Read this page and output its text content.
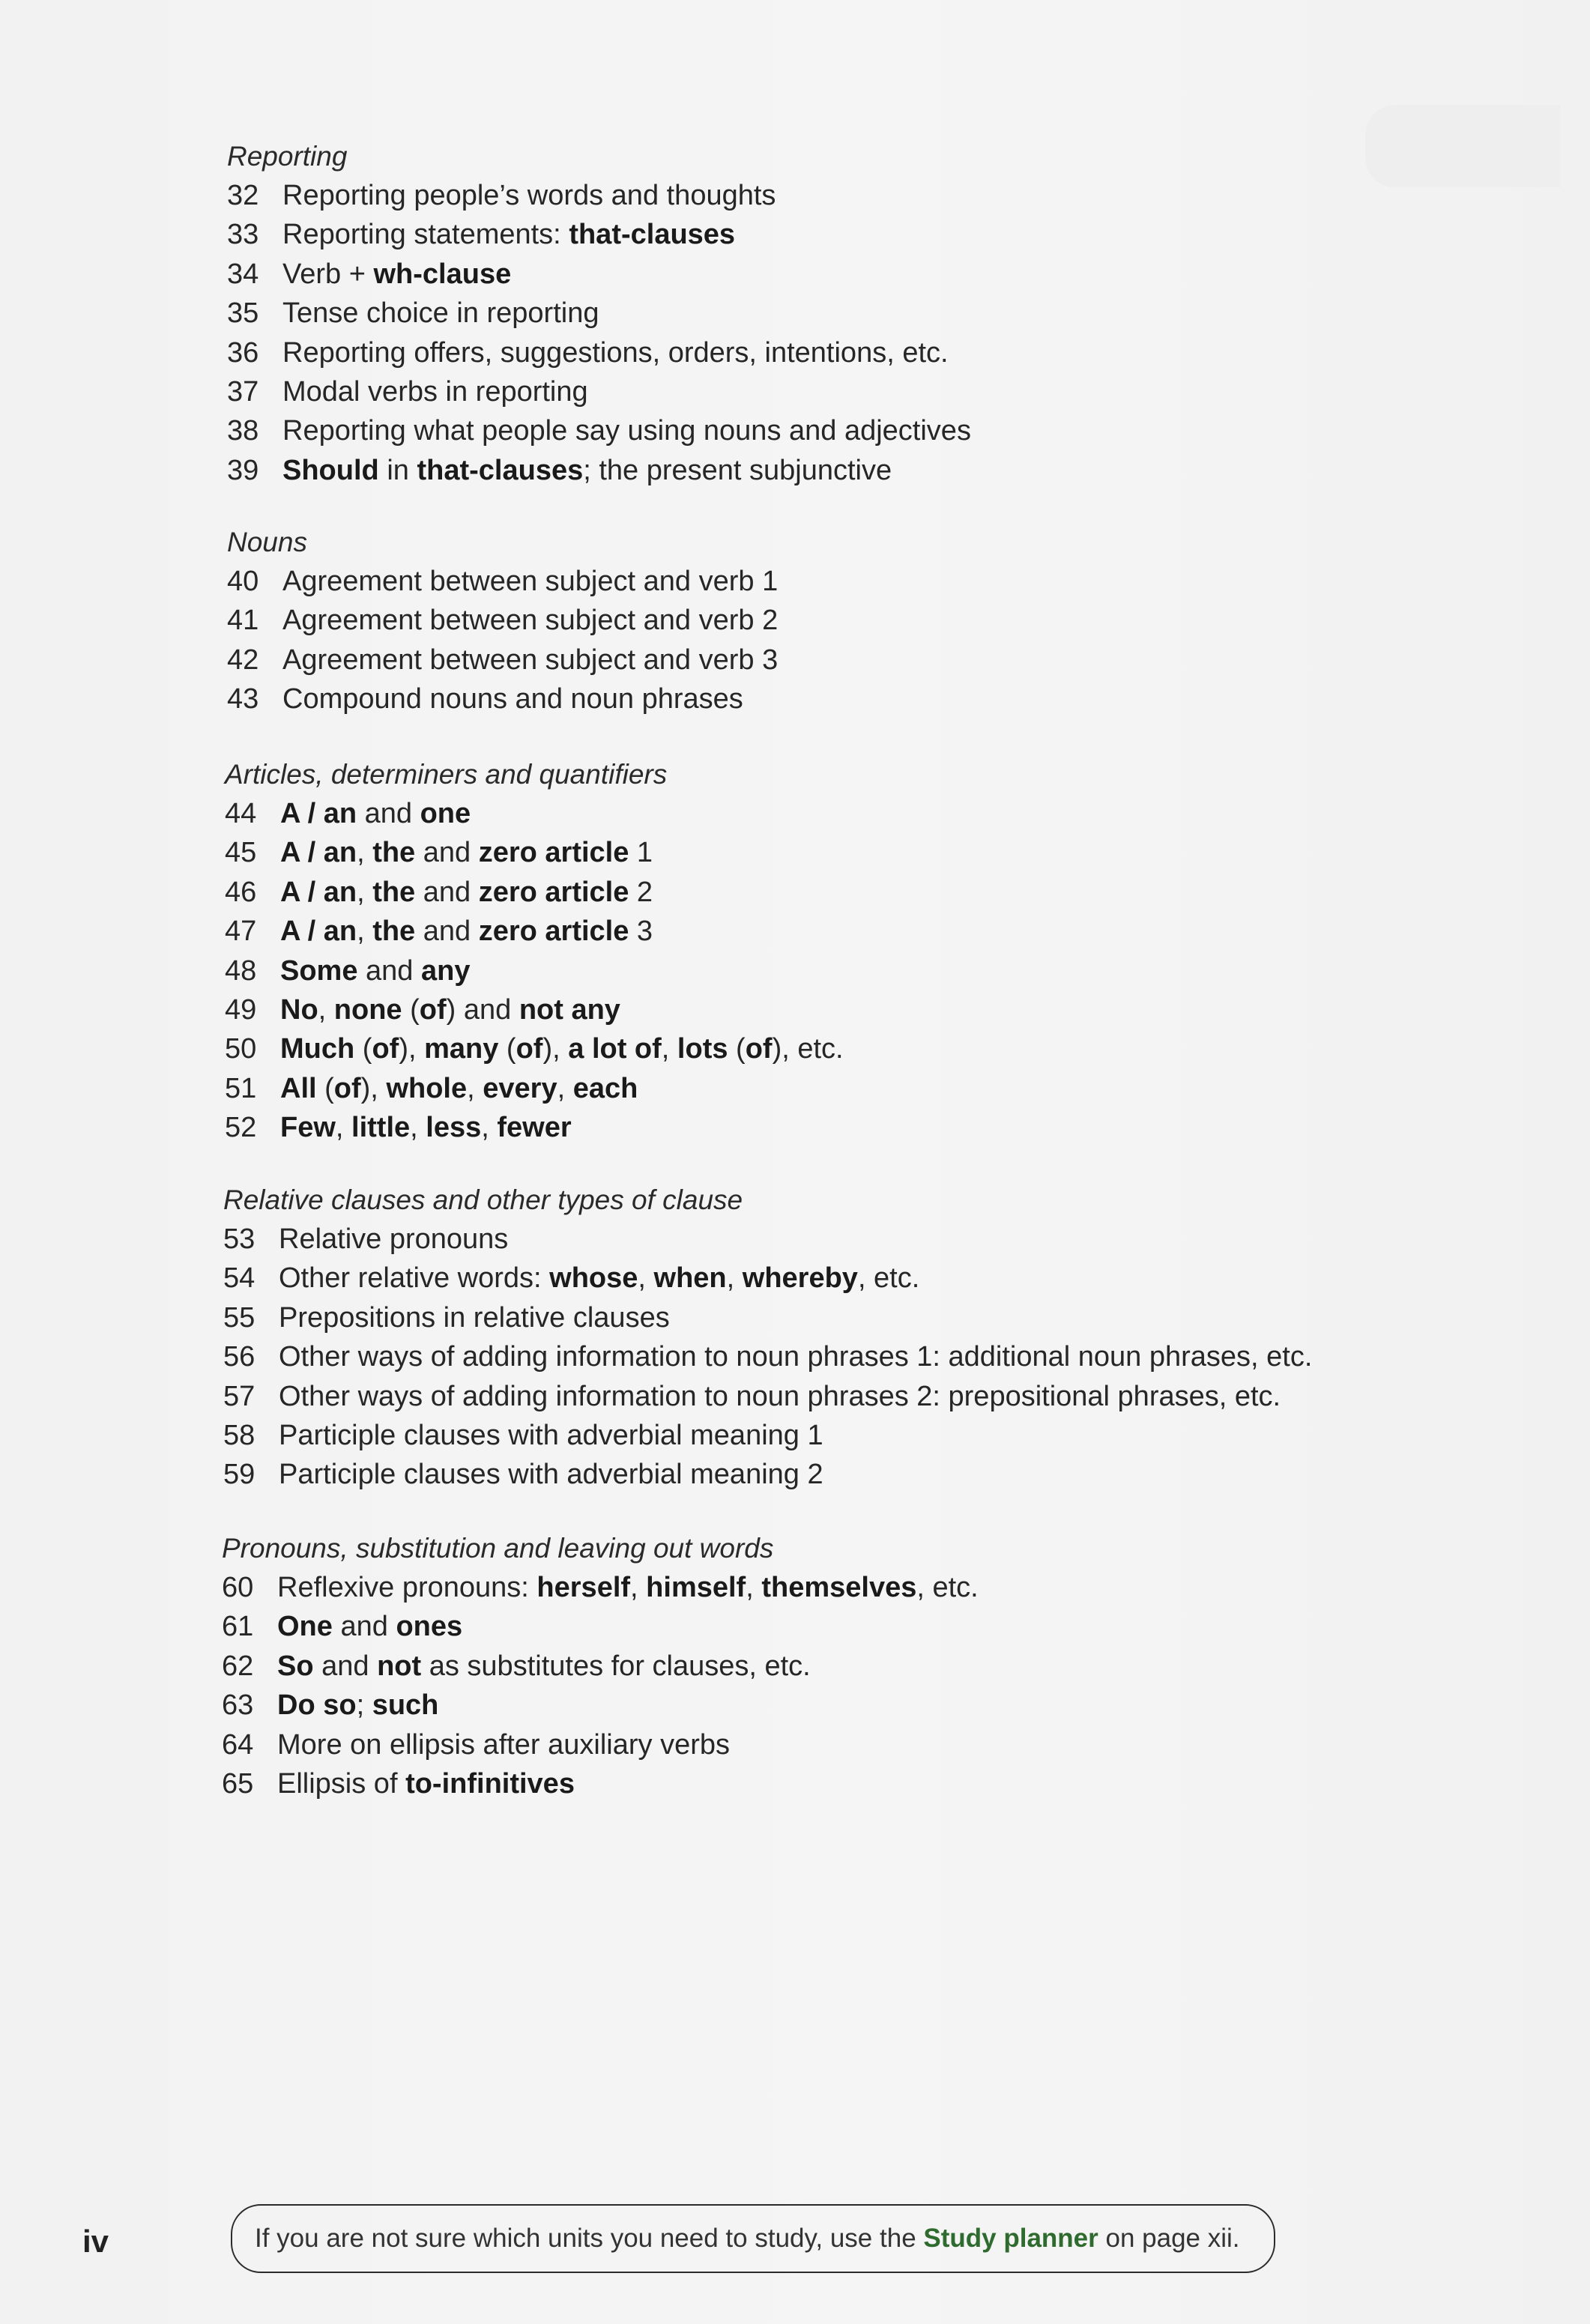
Reporting
32 Reporting people’s words and thoughts
33 Reporting statements: that-clauses
34 Verb + wh-clause
35 Tense choice in reporting
36 Reporting offers, suggestions, orders, intentions, etc.
37 Modal verbs in reporting
38 Reporting what people say using nouns and adjectives
39 Should in that-clauses; the present subjunctive
Nouns
40 Agreement between subject and verb 1
41 Agreement between subject and verb 2
42 Agreement between subject and verb 3
43 Compound nouns and noun phrases
Articles, determiners and quantifiers
44 A / an and one
45 A / an, the and zero article 1
46 A / an, the and zero article 2
47 A / an, the and zero article 3
48 Some and any
49 No, none (of) and not any
50 Much (of), many (of), a lot of, lots (of), etc.
51 All (of), whole, every, each
52 Few, little, less, fewer
Relative clauses and other types of clause
53 Relative pronouns
54 Other relative words: whose, when, whereby, etc.
55 Prepositions in relative clauses
56 Other ways of adding information to noun phrases 1: additional noun phrases, etc.
57 Other ways of adding information to noun phrases 2: prepositional phrases, etc.
58 Participle clauses with adverbial meaning 1
59 Participle clauses with adverbial meaning 2
Pronouns, substitution and leaving out words
60 Reflexive pronouns: herself, himself, themselves, etc.
61 One and ones
62 So and not as substitutes for clauses, etc.
63 Do so; such
64 More on ellipsis after auxiliary verbs
65 Ellipsis of to-infinitives
iv	If you are not sure which units you need to study, use the Study planner on page xii.
